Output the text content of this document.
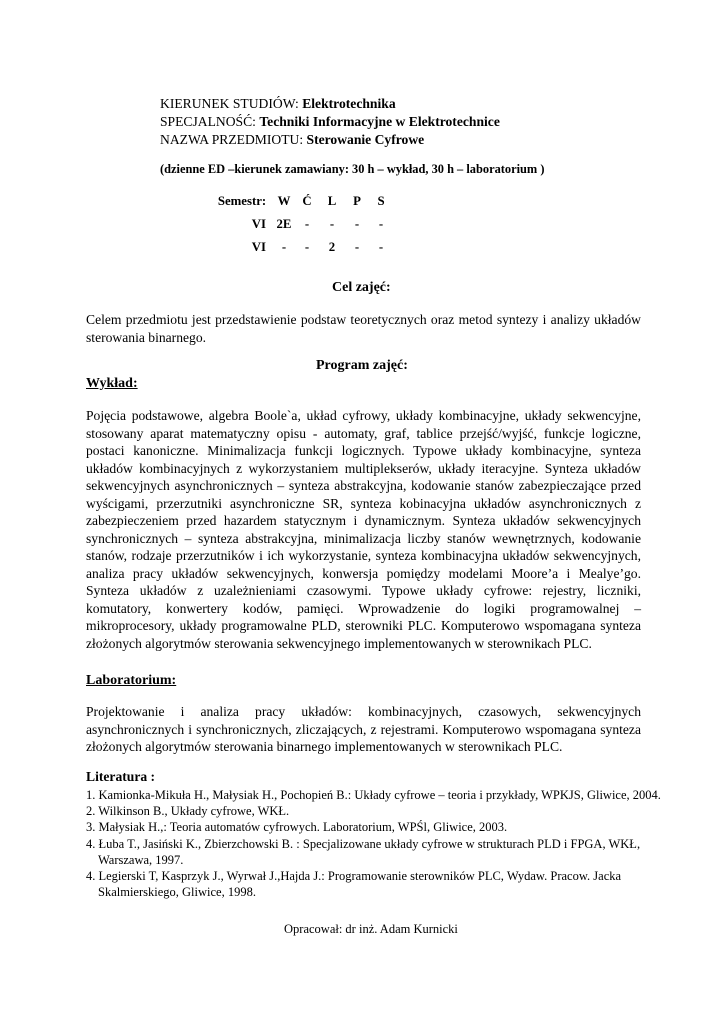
KIERUNEK STUDIÓW: Elektrotechnika
SPECJALNOŚĆ: Techniki Informacyjne w Elektrotechnice
NAZWA PRZEDMIOTU: Sterowanie Cyfrowe
(dzienne ED –kierunek zamawiany: 30 h – wykład, 30 h – laboratorium )
Semestr:	W	Ć	L	P	S
VI	2E	-	-	-	-
VI	-	-	2	-	-
Cel zajęć:
Celem przedmiotu jest przedstawienie podstaw teoretycznych oraz metod syntezy i analizy układów sterowania binarnego.
Program zajęć:
Wykład:
Pojęcia podstawowe, algebra Boole`a, układ cyfrowy, układy kombinacyjne, układy sekwencyjne, stosowany aparat matematyczny opisu - automaty, graf, tablice przejść/wyjść, funkcje logiczne, postaci kanoniczne. Minimalizacja funkcji logicznych. Typowe układy kombinacyjne, synteza układów kombinacyjnych z wykorzystaniem multiplekserów, układy iteracyjne. Synteza układów sekwencyjnych asynchronicznych – synteza abstrakcyjna, kodowanie stanów zabezpieczające przed wyścigami, przerzutniki asynchroniczne SR, synteza kobinacyjna układów asynchronicznych z zabezpieczeniem przed hazardem statycznym i dynamicznym. Synteza układów sekwencyjnych synchronicznych – synteza abstrakcyjna, minimalizacja liczby stanów wewnętrznych, kodowanie stanów, rodzaje przerzutników i ich wykorzystanie, synteza kombinacyjna układów sekwencyjnych, analiza pracy układów sekwencyjnych, konwersja pomiędzy modelami Moore’a i Mealye’go. Synteza układów z uzależnieniami czasowymi. Typowe układy cyfrowe: rejestry, liczniki, komutatory, konwertery kodów, pamięci. Wprowadzenie do logiki programowalnej – mikroprocesory, układy programowalne PLD, sterowniki PLC. Komputerowo wspomagana synteza złożonych algorytmów sterowania sekwencyjnego implementowanych w sterownikach PLC.
Laboratorium:
Projektowanie i analiza pracy układów: kombinacyjnych, czasowych, sekwencyjnych asynchronicznych i synchronicznych, zliczających, z rejestrami. Komputerowo wspomagana synteza złożonych algorytmów sterowania binarnego implementowanych w sterownikach PLC.
Literatura :
1. Kamionka-Mikuła H., Małysiak H., Pochopień B.: Układy cyfrowe – teoria i przykłady, WPKJS, Gliwice, 2004.
2. Wilkinson B., Układy cyfrowe, WKŁ.
3. Małysiak H.,: Teoria automatów cyfrowych. Laboratorium, WPŚl, Gliwice, 2003.
4. Łuba T., Jasiński K., Zbierzchowski B. : Specjalizowane układy cyfrowe w strukturach PLD i FPGA, WKŁ, Warszawa, 1997.
4. Legierski T, Kasprzyk J., Wyrwał J.,Hajda J.: Programowanie sterowników PLC, Wydaw. Pracow. Jacka Skalmierskiego, Gliwice, 1998.
Opracował: dr inż. Adam Kurnicki
